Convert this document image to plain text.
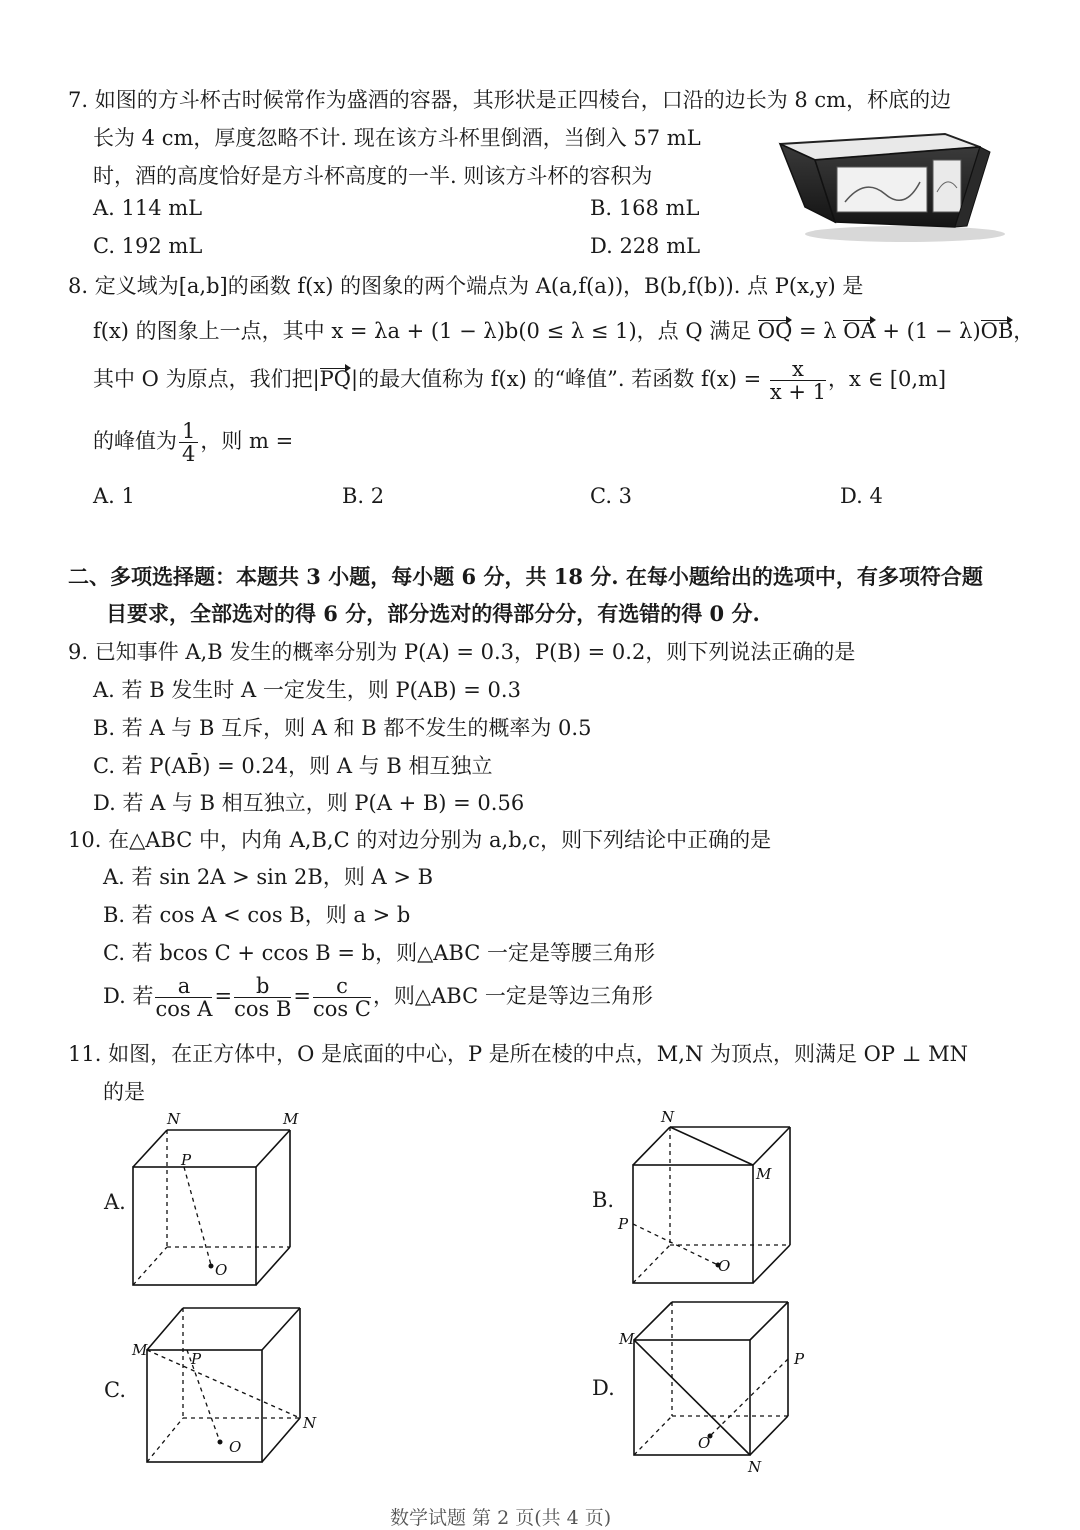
7. 如图的方斗杯古时候常作为盛酒的容器，其形状是正四棱台，口沿的边长为 8 cm，杯底的边
长为 4 cm，厚度忽略不计. 现在该方斗杯里倒酒，当倒入 57 mL
时，酒的高度恰好是方斗杯高度的一半. 则该方斗杯的容积为
A. 114 mL	B. 168 mL
C. 192 mL	D. 228 mL
8. 定义域为[a,b]的函数 f(x) 的图象的两个端点为 A(a,f(a))，B(b,f(b)). 点 P(x,y) 是
f(x) 的图象上一点，其中 x = λa + (1 − λ)b(0 ≤ λ ≤ 1)，点 Q 满足 OQ = λ OA + (1 − λ)OB，
其中 O 为原点，我们把|PQ|的最大值称为 f(x) 的“峰值”. 若函数 $f(x) = \frac{x}{x + 1}$ ，x ∈ [0,m]
的峰值为 $\frac{1}{4}$ ，则 m =
A. 1	B. 2	C. 3	D. 4
二、多项选择题：本题共 3 小题，每小题 6 分，共 18 分. 在每小题给出的选项中，有多项符合题
目要求，全部选对的得 6 分，部分选对的得部分分，有选错的得 0 分.
9. 已知事件 A,B 发生的概率分别为 P(A) = 0.3，P(B) = 0.2，则下列说法正确的是
A. 若 B 发生时 A 一定发生，则 P(AB) = 0.3
B. 若 A 与 B 互斥，则 A 和 B 都不发生的概率为 0.5
C. 若 P(AB̄) = 0.24，则 A 与 B 相互独立
D. 若 A 与 B 相互独立，则 P(A + B) = 0.56
10. 在△ABC 中，内角 A,B,C 的对边分别为 a,b,c，则下列结论中正确的是
A. 若 sin 2A > sin 2B，则 A > B
B. 若 cos A < cos B，则 a > b
C. 若 bcos C + ccos B = b，则△ABC 一定是等腰三角形
D. 若 $\frac{a}{\text{cos A}} = \frac{b}{\text{cos B}} = \frac{c}{\text{cos C}}$ ，则△ABC 一定是等边三角形
11. 如图，在正方体中，O 是底面的中心，P 是所在棱的中点，M,N 为顶点，则满足 OP ⊥ MN
的是
A.	B.
C.	D.
N	M
P
O
N
M
P
O
M	P
N
O
M
P
O
N
数学试题 第 2 页(共 4 页)
